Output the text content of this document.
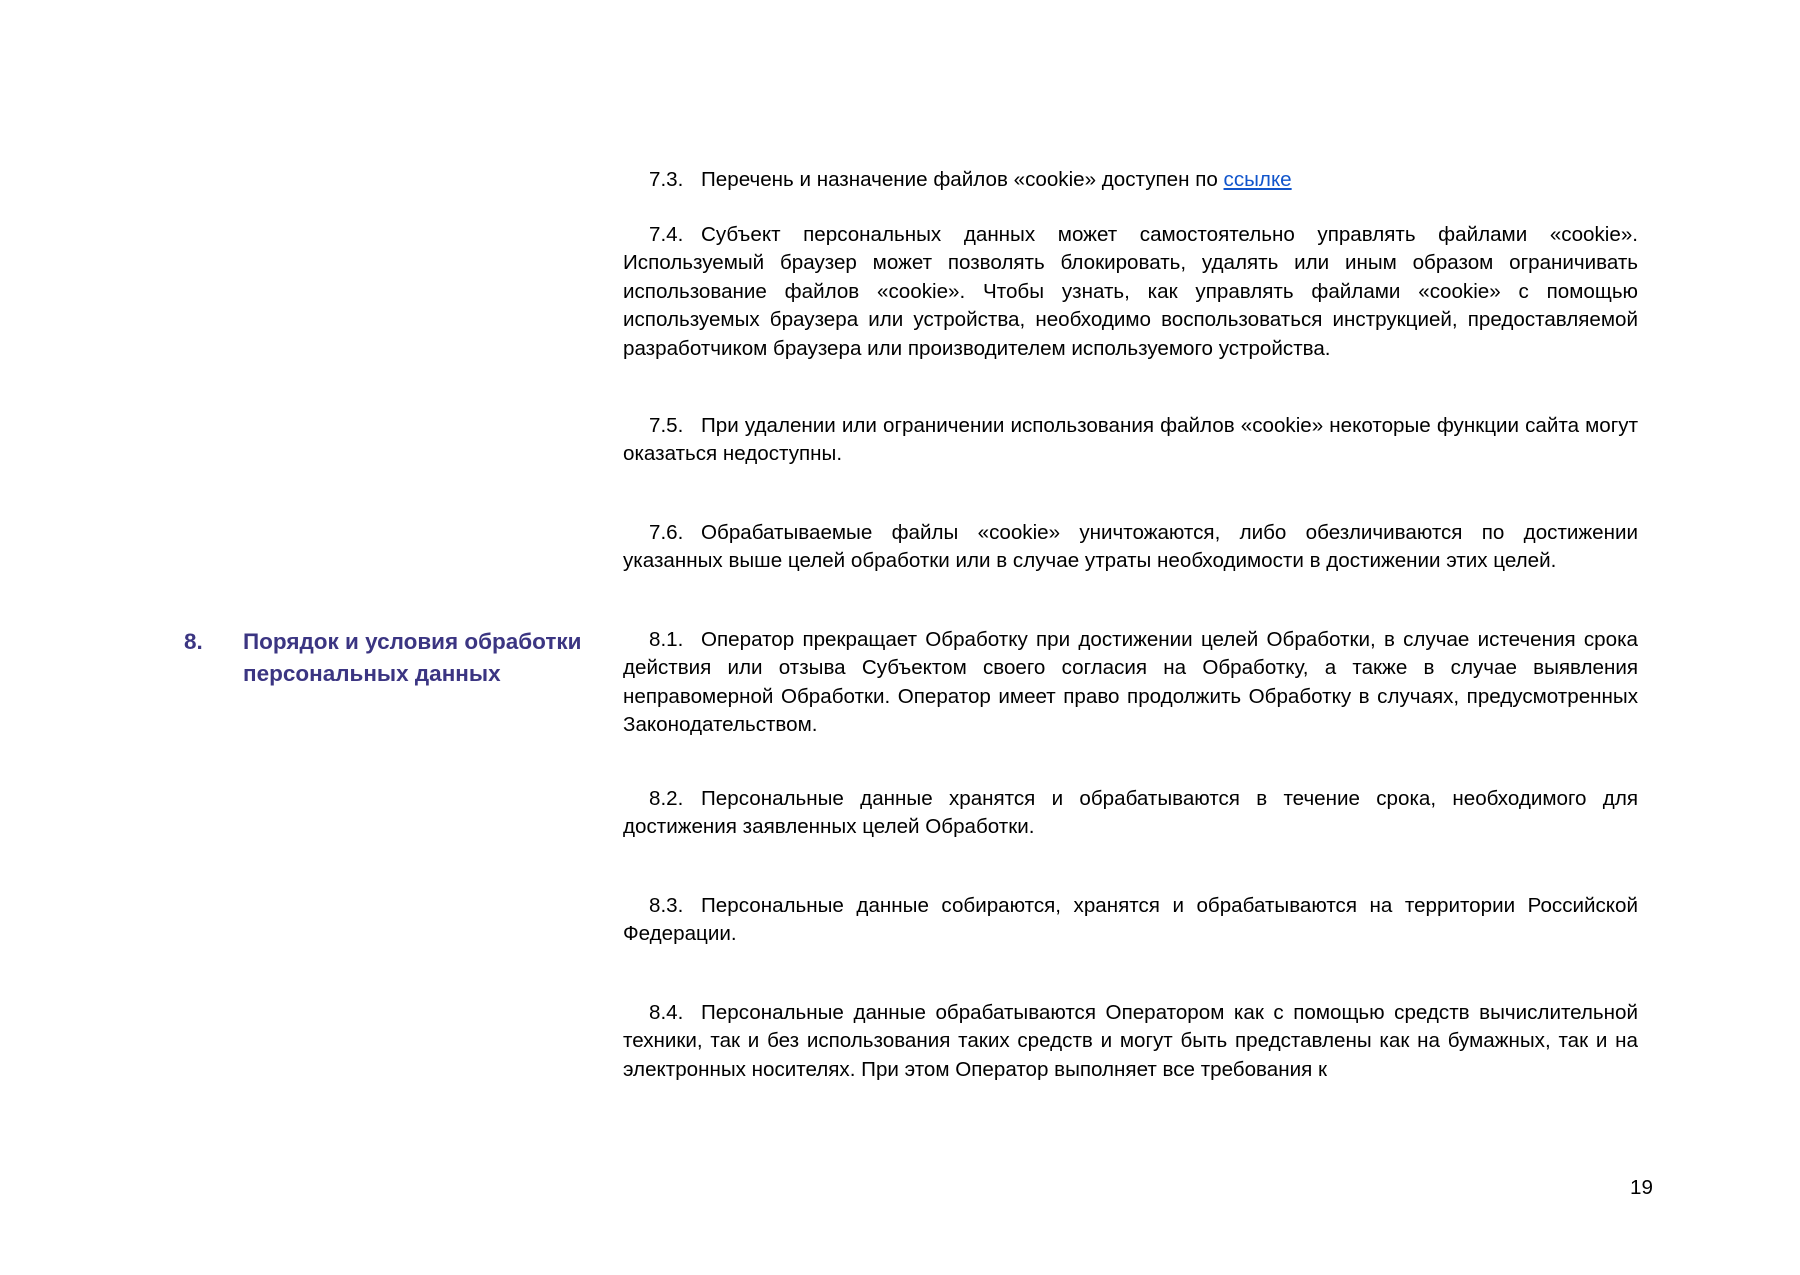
7.3. Перечень и назначение файлов «cookie» доступен по ссылке
7.4. Субъект персональных данных может самостоятельно управлять файлами «cookie». Используемый браузер может позволять блокировать, удалять или иным образом ограничивать использование файлов «cookie». Чтобы узнать, как управлять файлами «cookie» с помощью используемых браузера или устройства, необходимо воспользоваться инструкцией, предоставляемой разработчиком браузера или производителем используемого устройства.
7.5. При удалении или ограничении использования файлов «cookie» некоторые функции сайта могут оказаться недоступны.
7.6. Обрабатываемые файлы «cookie» уничтожаются, либо обезличиваются по достижении указанных выше целей обработки или в случае утраты необходимости в достижении этих целей.
8. Порядок и условия обработки персональных данных
8.1. Оператор прекращает Обработку при достижении целей Обработки, в случае истечения срока действия или отзыва Субъектом своего согласия на Обработку, а также в случае выявления неправомерной Обработки. Оператор имеет право продолжить Обработку в случаях, предусмотренных Законодательством.
8.2. Персональные данные хранятся и обрабатываются в течение срока, необходимого для достижения заявленных целей Обработки.
8.3. Персональные данные собираются, хранятся и обрабатываются на территории Российской Федерации.
8.4. Персональные данные обрабатываются Оператором как с помощью средств вычислительной техники, так и без использования таких средств и могут быть представлены как на бумажных, так и на электронных носителях. При этом Оператор выполняет все требования к
19
